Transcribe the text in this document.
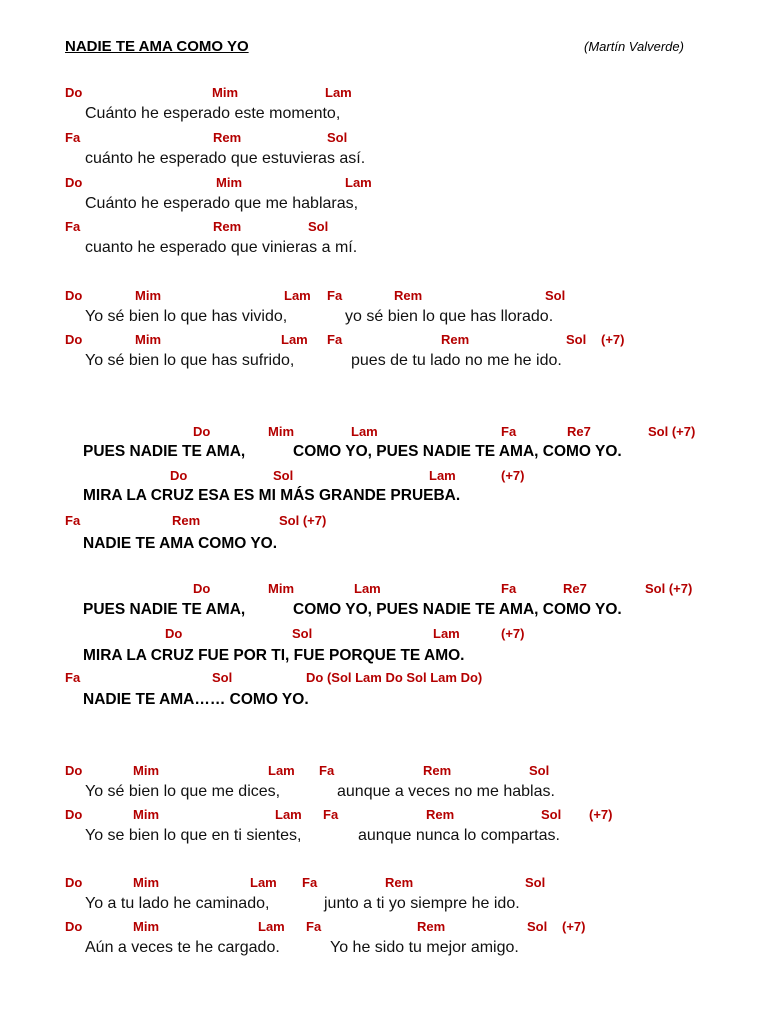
NADIE TE AMA COMO YO	(Martín Valverde)
Do	Mim	Lam
Cuánto he esperado este momento,
Fa	Rem	Sol
cuánto he esperado que estuvieras así.
Do	Mim	Lam
Cuánto he esperado que me hablaras,
Fa	Rem	Sol
cuanto he esperado que vinieras a mí.
Do	Mim	Lam Fa	Rem	Sol
Yo sé bien lo que has vivido,	yo sé bien lo que has llorado.
Do	Mim	Lam Fa	Rem	Sol (+7)
Yo sé bien lo que has sufrido,	pues de tu lado no me he ido.
Do	Mim	Lam	Fa	Re7	Sol (+7)
PUES NADIE TE AMA,	COMO YO, PUES NADIE TE AMA, COMO YO.
Do	Sol	Lam	(+7)
MIRA LA CRUZ ESA ES MI MÁS GRANDE PRUEBA.
Fa	Rem	Sol (+7)
NADIE TE AMA COMO YO.
Do	Mim	Lam	Fa	Re7	Sol (+7)
PUES NADIE TE AMA,	COMO YO, PUES NADIE TE AMA, COMO YO.
Do	Sol	Lam	(+7)
MIRA LA CRUZ FUE POR TI, FUE PORQUE TE AMO.
Fa	Sol	Do (Sol Lam Do Sol Lam Do)
NADIE TE AMA…… COMO YO.
Do	Mim	Lam Fa	Rem	Sol
Yo sé bien lo que me dices,	aunque a veces no me hablas.
Do	Mim	Lam Fa	Rem	Sol (+7)
Yo se bien lo que en ti sientes,	aunque nunca lo compartas.
Do	Mim	Lam Fa	Rem	Sol
Yo a tu lado he caminado,	junto a ti yo siempre he ido.
Do	Mim	Lam Fa	Rem	Sol (+7)
Aún a veces te he cargado.	Yo he sido tu mejor amigo.
